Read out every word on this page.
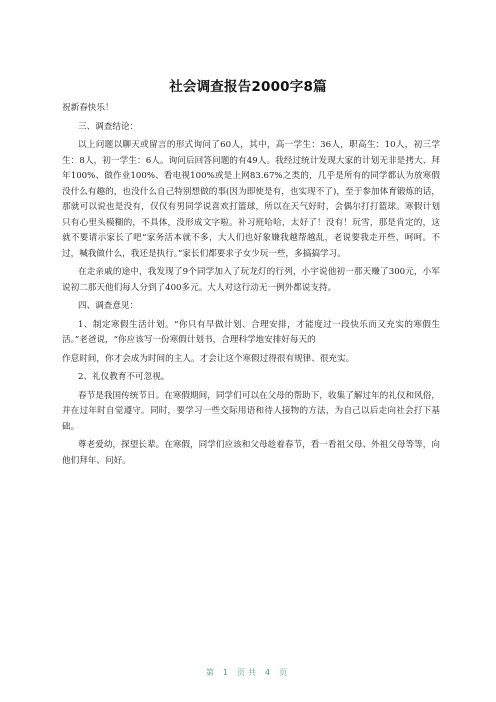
社会调查报告2000字8篇

祝新春快乐！

三、调查结论：

以上问题以聊天或留言的形式询问了60人，其中，高一学生：36人，职高生：10人，初三学生：8人，初一学生：6人。询问后回答问题的有49人。我经过统计发现大家的计划无非是拷大、拜年100%、做作业100%、看电视100%或是上网83.67%之类的，几乎是所有的同学都认为放寒假没什么有趣的，也没什么自己特别想做的事(因为即使是有，也实现不了)，至于参加体育锻炼的话，那就可以说也是没有，仅仅有男同学说喜欢打篮球，所以在天气好时，会偶尔打打篮球。寒假计划只有心里头模糊的，不具体，没形成文字啦。补习班哈哈，太好了！没有！玩雪，那是肯定的，这就不要请示家长了吧“家务活本就不多，大人们也好象嫌我越帮越乱，老说要我走开些，呵呵。不过，喊我做什么，我还是执行。”家长们都要求子女少玩一些，多搞搞学习。

在走亲戚的途中，我发现了9个同学加入了玩龙灯的行列，小宇说他初一那天赚了300元，小军说初二那天他们每人分到了400多元。大人对这行动无一例外都说支持。

四、调查意见：

1、制定寒假生活计划。“你只有早做计划、合理安排，才能度过一段快乐而又充实的寒假生活。”老爸说，“你应该写一份寒假计划书，合理科学地安排好每天的

作息时间，你才会成为时间的主人。才会让这个寒假过得很有规律、很充实。

2、礼仪教育不可忽视。

春节是我国传统节日。在寒假期间，同学们可以在父母的帮助下，收集了解过年的礼仪和风俗，并在过年时自觉遵守。同时，要学习一些交际用语和待人接物的方法，为自己以后走向社会打下基础。

尊老爱幼，探望长辈。在寒假，同学们应该和父母趁着春节，看一看祖父母、外祖父母等等，向他们拜年、问好。

第 1 页共 4 页
